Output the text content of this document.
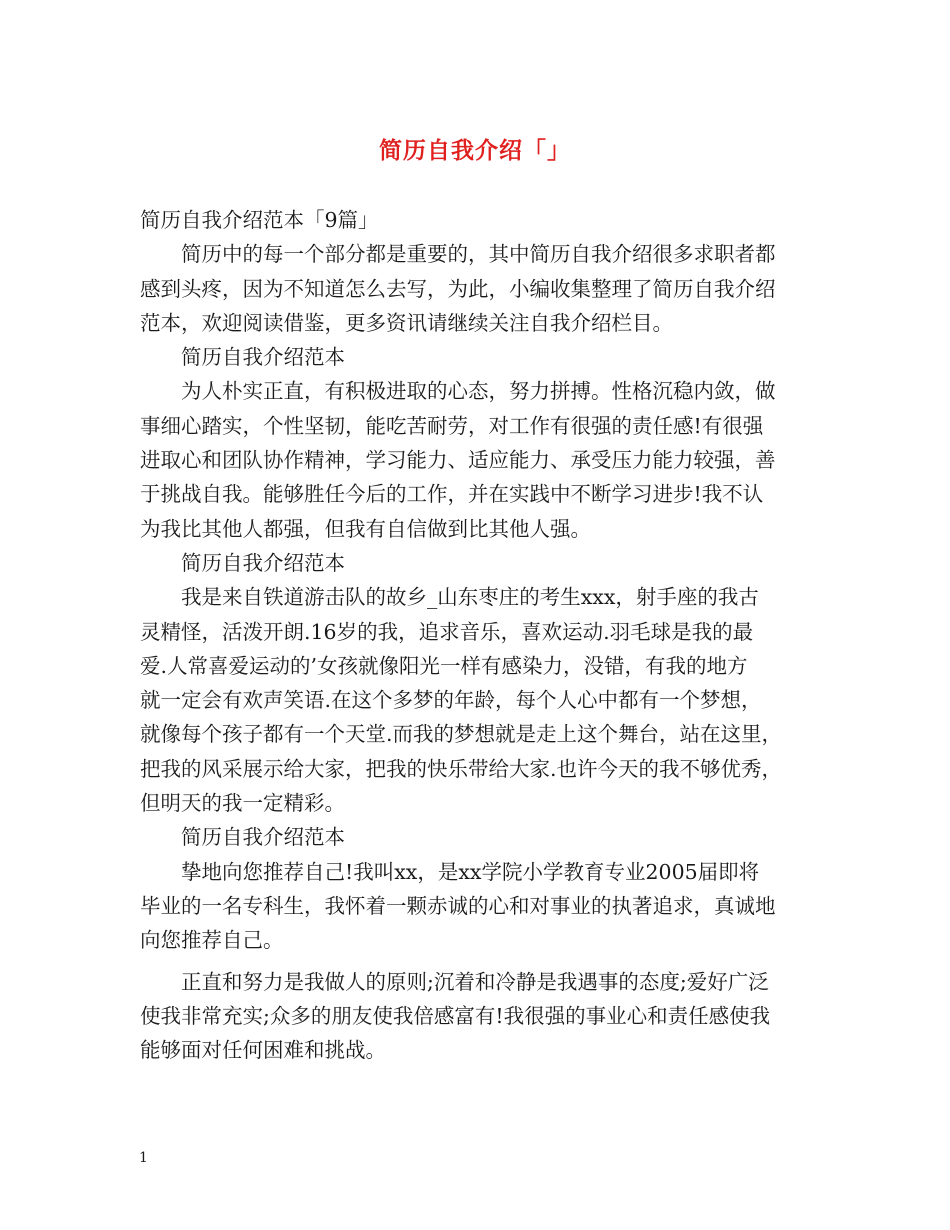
简历自我介绍「」
简历自我介绍范本「9篇」
简历中的每一个部分都是重要的，其中简历自我介绍很多求职者都
感到头疼，因为不知道怎么去写，为此，小编收集整理了简历自我介绍
范本，欢迎阅读借鉴，更多资讯请继续关注自我介绍栏目。
简历自我介绍范本
为人朴实正直，有积极进取的心态，努力拼搏。性格沉稳内敛，做
事细心踏实，个性坚韧，能吃苦耐劳，对工作有很强的责任感!有很强
进取心和团队协作精神，学习能力、适应能力、承受压力能力较强，善
于挑战自我。能够胜任今后的工作，并在实践中不断学习进步!我不认
为我比其他人都强，但我有自信做到比其他人强。
简历自我介绍范本
我是来自铁道游击队的故乡_山东枣庄的考生xxx，射手座的我古
灵精怪，活泼开朗.16岁的我，追求音乐，喜欢运动.羽毛球是我的最
爱.人常喜爱运动的’女孩就像阳光一样有感染力，没错，有我的地方
就一定会有欢声笑语.在这个多梦的年龄，每个人心中都有一个梦想，
就像每个孩子都有一个天堂.而我的梦想就是走上这个舞台，站在这里，
把我的风采展示给大家，把我的快乐带给大家.也许今天的我不够优秀，
但明天的我一定精彩。
简历自我介绍范本
挚地向您推荐自己!我叫xx，是xx学院小学教育专业2005届即将
毕业的一名专科生，我怀着一颗赤诚的心和对事业的执著追求，真诚地
向您推荐自己。
正直和努力是我做人的原则;沉着和冷静是我遇事的态度;爱好广泛
使我非常充实;众多的朋友使我倍感富有!我很强的事业心和责任感使我
能够面对任何困难和挑战。
1
